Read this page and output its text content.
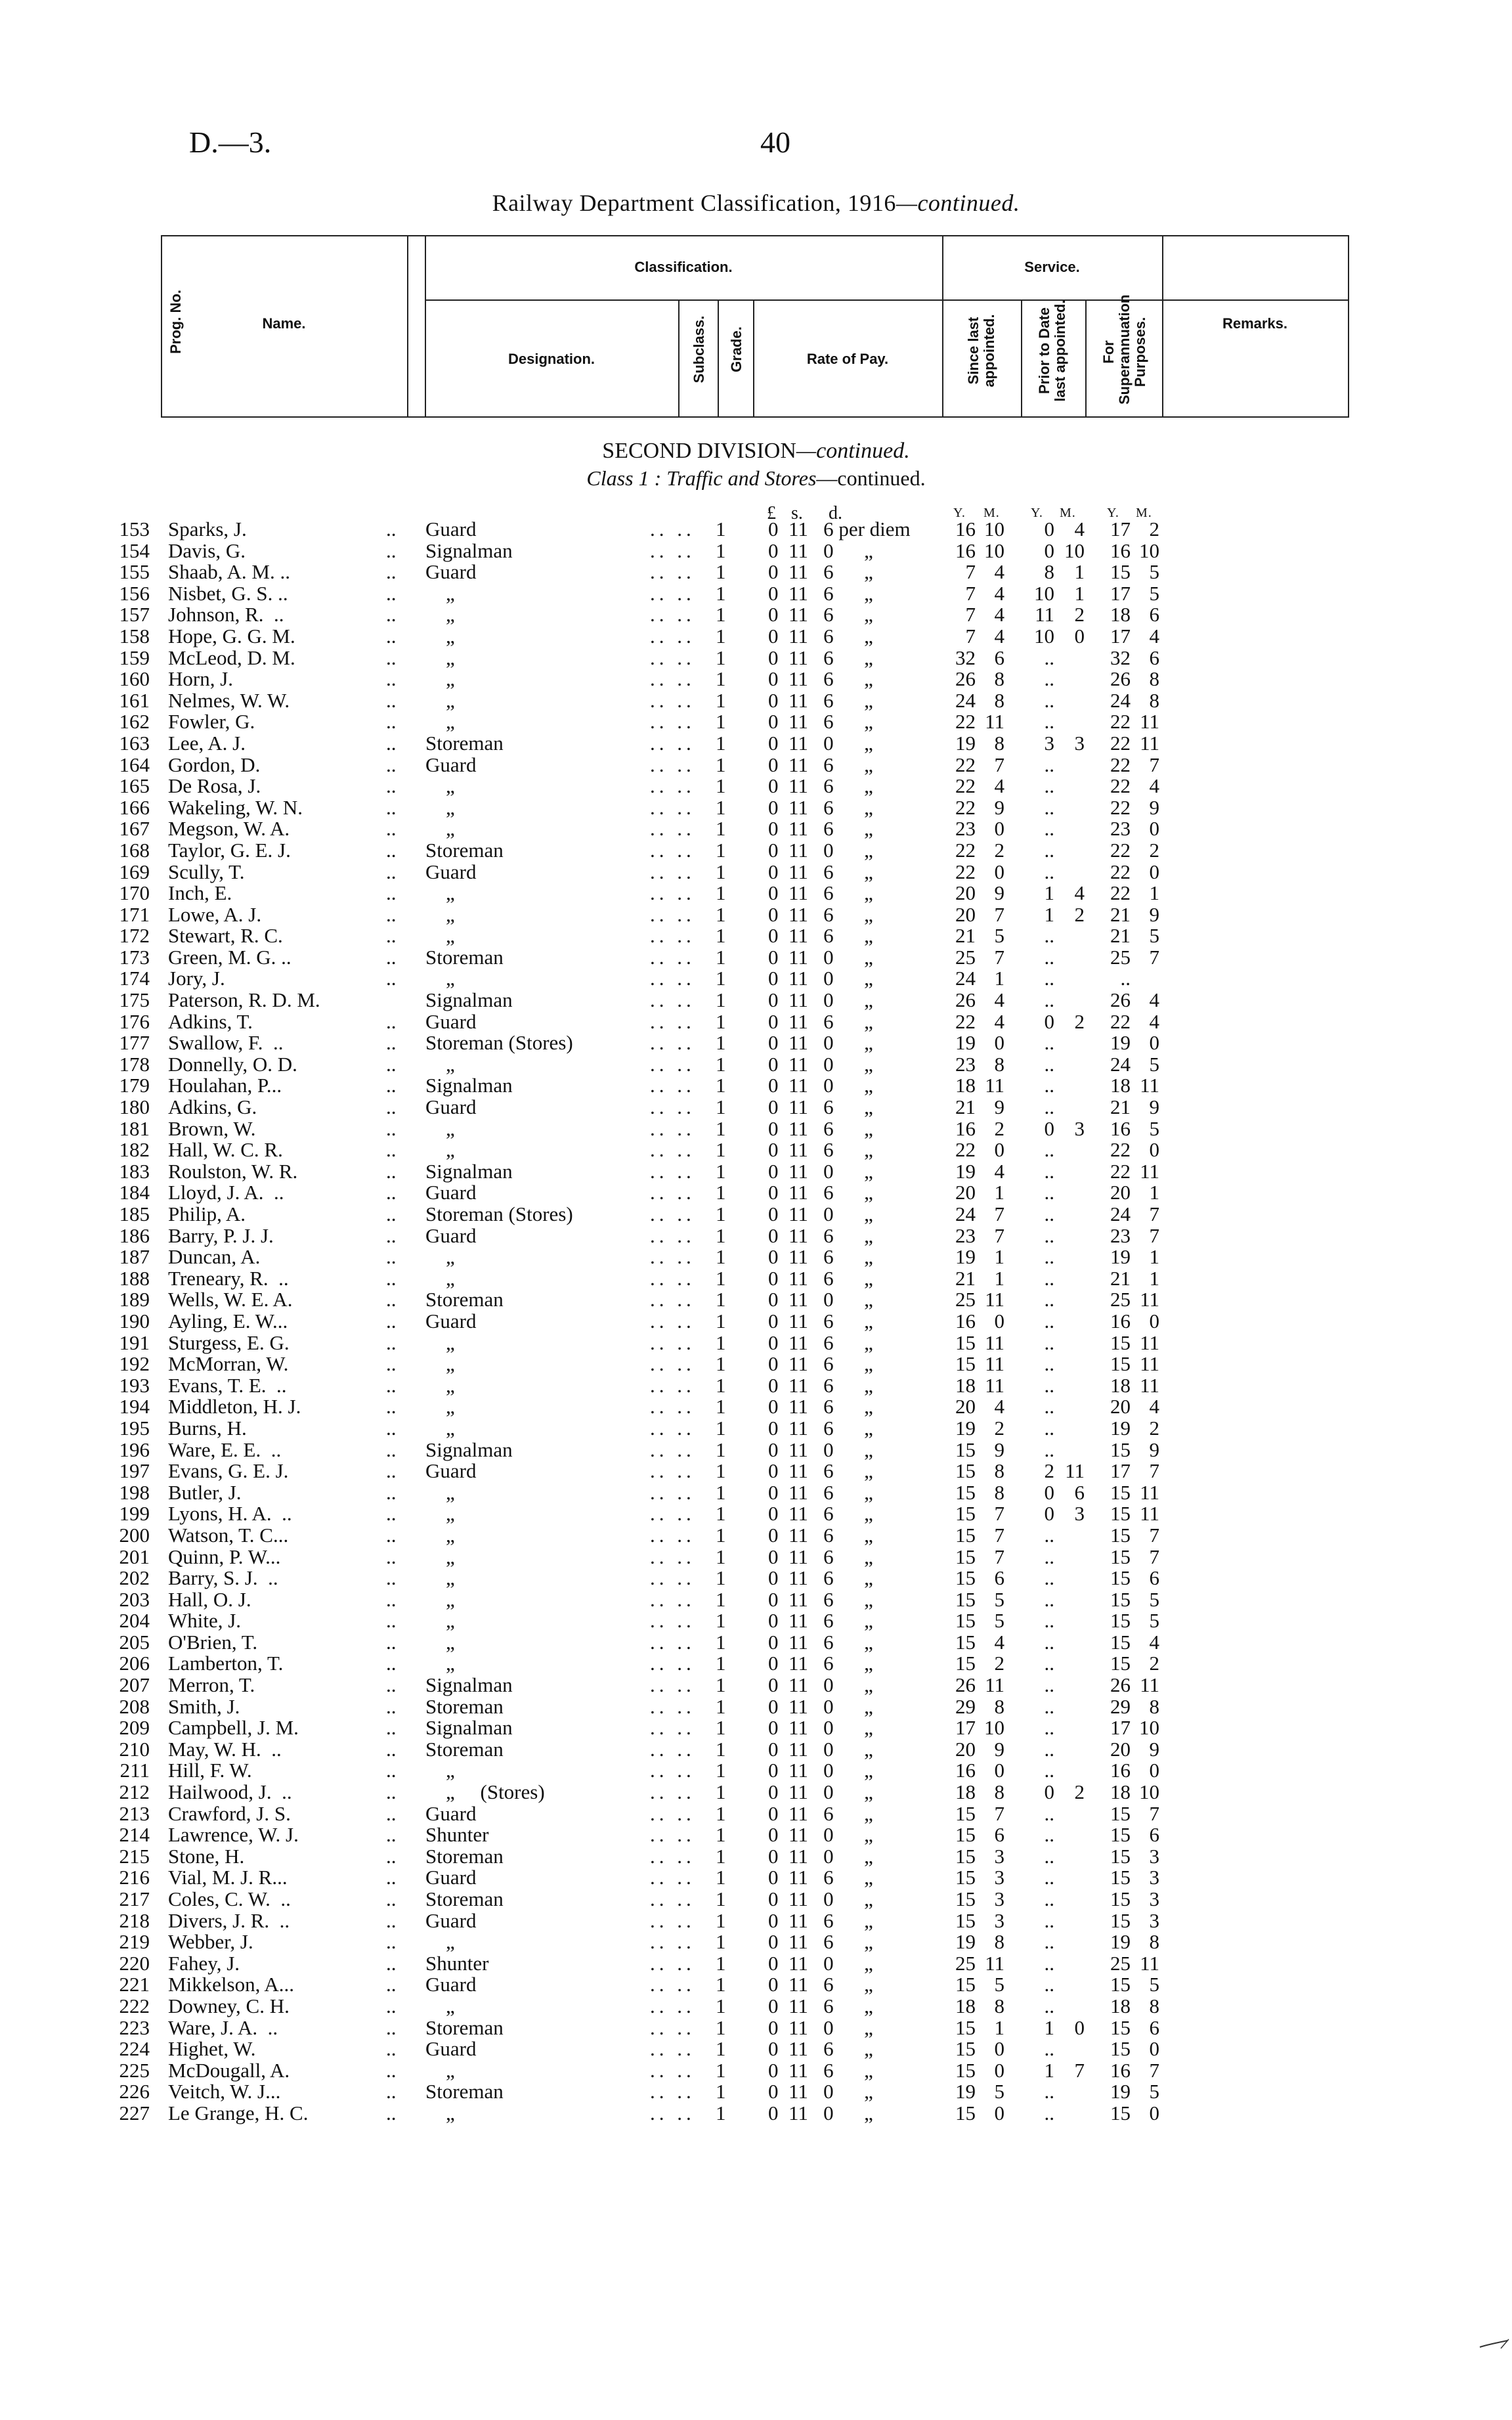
D.—3.	40
Railway Department Classification, 1916—continued.
Prog. No.	Name.
Classification.
Designation.	Subclass. Grade.	Rate of Pay.
Service.
Since last appointed.	Prior to Date last appointed. For Superannuation Purposes.	Remarks.
SECOND DIVISION—continued.
Class 1 : Traffic and Stores—continued.
£ s. d.	Y. M. Y. M. Y. M.
153 Sparks, J.	.. Guard	.. .. 1 0  11   6 per diem	16 10	0 4	17 2
154 Davis, G.	.. Signalman	.. .. 1 0  11   0      „	16 10	0 10	16 10
155 Shaab, A. M. ..	.. Guard	.. .. 1 0  11   6      „	7 4	8 1	15 5
156 Nisbet, G. S. ..	.. „	.. .. 1 0  11   6      „	7 4	10 1	17 5
157 Johnson, R.  ..	.. „	.. .. 1 0  11   6      „	7 4	11 2	18 6
158 Hope, G. G. M.	.. „	.. .. 1 0  11   6      „	7 4	10 0	17 4
159 McLeod, D. M.	.. „	.. .. 1 0  11   6      „	32 6	..	32 6
160 Horn, J.	.. „	.. .. 1 0  11   6      „	26 8	..	26 8
161 Nelmes, W. W.	.. „	.. .. 1 0  11   6      „	24 8	..	24 8
162 Fowler, G.	.. „	.. .. 1 0  11   6      „	22 11	..	22 11
163 Lee, A. J.	.. Storeman	.. .. 1 0  11   0      „	19 8	3 3	22 11
164 Gordon, D.	.. Guard	.. .. 1 0  11   6      „	22 7	..	22 7
165 De Rosa, J.	.. „	.. .. 1 0  11   6      „	22 4	..	22 4
166 Wakeling, W. N.	.. „	.. .. 1 0  11   6      „	22 9	..	22 9
167 Megson, W. A.	.. „	.. .. 1 0  11   6      „	23 0	..	23 0
168 Taylor, G. E. J.	.. Storeman	.. .. 1 0  11   0      „	22 2	..	22 2
169 Scully, T.	.. Guard	.. .. 1 0  11   6      „	22 0	..	22 0
170 Inch, E.	.. „	.. .. 1 0  11   6      „	20 9	1 4	22 1
171 Lowe, A. J.	.. „	.. .. 1 0  11   6      „	20 7	1 2	21 9
172 Stewart, R. C.	.. „	.. .. 1 0  11   6      „	21 5	..	21 5
173 Green, M. G. ..	.. Storeman	.. .. 1 0  11   0      „	25 7	..	25 7
174 Jory, J.	.. „	.. .. 1 0  11   0      „	24 1	..	..
175 Paterson, R. D. M.	Signalman	.. .. 1 0  11   0      „	26 4	..	26 4
176 Adkins, T.	.. Guard	.. .. 1 0  11   6      „	22 4	0 2	22 4
177 Swallow, F.  ..	.. Storeman (Stores)	.. .. 1 0  11   0      „	19 0	..	19 0
178 Donnelly, O. D.	.. „	.. .. 1 0  11   0      „	23 8	..	24 5
179 Houlahan, P...	.. Signalman	.. .. 1 0  11   0      „	18 11	..	18 11
180 Adkins, G.	.. Guard	.. .. 1 0  11   6      „	21 9	..	21 9
181 Brown, W.	.. „	.. .. 1 0  11   6      „	16 2	0 3	16 5
182 Hall, W. C. R.	.. „	.. .. 1 0  11   6      „	22 0	..	22 0
183 Roulston, W. R.	.. Signalman	.. .. 1 0  11   0      „	19 4	..	22 11
184 Lloyd, J. A.  ..	.. Guard	.. .. 1 0  11   6      „	20 1	..	20 1
185 Philip, A.	.. Storeman (Stores)	.. .. 1 0  11   0      „	24 7	..	24 7
186 Barry, P. J. J.	.. Guard	.. .. 1 0  11   6      „	23 7	..	23 7
187 Duncan, A.	.. „	.. .. 1 0  11   6      „	19 1	..	19 1
188 Treneary, R.  ..	.. „	.. .. 1 0  11   6      „	21 1	..	21 1
189 Wells, W. E. A.	.. Storeman	.. .. 1 0  11   0      „	25 11	..	25 11
190 Ayling, E. W...	.. Guard	.. .. 1 0  11   6      „	16 0	..	16 0
191 Sturgess, E. G.	.. „	.. .. 1 0  11   6      „	15 11	..	15 11
192 McMorran, W.	.. „	.. .. 1 0  11   6      „	15 11	..	15 11
193 Evans, T. E.  ..	.. „	.. .. 1 0  11   6      „	18 11	..	18 11
194 Middleton, H. J.	.. „	.. .. 1 0  11   6      „	20 4	..	20 4
195 Burns, H.	.. „	.. .. 1 0  11   6      „	19 2	..	19 2
196 Ware, E. E.  ..	.. Signalman	.. .. 1 0  11   0      „	15 9	..	15 9
197 Evans, G. E. J.	.. Guard	.. .. 1 0  11   6      „	15 8	2 11	17 7
198 Butler, J.	.. „	.. .. 1 0  11   6      „	15 8	0 6	15 11
199 Lyons, H. A.  ..	.. „	.. .. 1 0  11   6      „	15 7	0 3	15 11
200 Watson, T. C...	.. „	.. .. 1 0  11   6      „	15 7	..	15 7
201 Quinn, P. W...	.. „	.. .. 1 0  11   6      „	15 7	..	15 7
202 Barry, S. J.  ..	.. „	.. .. 1 0  11   6      „	15 6	..	15 6
203 Hall, O. J.	.. „	.. .. 1 0  11   6      „	15 5	..	15 5
204 White, J.	.. „	.. .. 1 0  11   6      „	15 5	..	15 5
205 O'Brien, T.	.. „	.. .. 1 0  11   6      „	15 4	..	15 4
206 Lamberton, T.	.. „	.. .. 1 0  11   6      „	15 2	..	15 2
207 Merron, T.	.. Signalman	.. .. 1 0  11   0      „	26 11	..	26 11
208 Smith, J.	.. Storeman	.. .. 1 0  11   0      „	29 8	..	29 8
209 Campbell, J. M.	.. Signalman	.. .. 1 0  11   0      „	17 10	..	17 10
210 May, W. H.  ..	.. Storeman	.. .. 1 0  11   0      „	20 9	..	20 9
211 Hill, F. W.	.. „	.. .. 1 0  11   0      „	16 0	..	16 0
212 Hailwood, J.  ..	.. „     (Stores)	.. .. 1 0  11   0      „	18 8	0 2	18 10
213 Crawford, J. S.	.. Guard	.. .. 1 0  11   6      „	15 7	..	15 7
214 Lawrence, W. J.	.. Shunter	.. .. 1 0  11   0      „	15 6	..	15 6
215 Stone, H.	.. Storeman	.. .. 1 0  11   0      „	15 3	..	15 3
216 Vial, M. J. R...	.. Guard	.. .. 1 0  11   6      „	15 3	..	15 3
217 Coles, C. W.  ..	.. Storeman	.. .. 1 0  11   0      „	15 3	..	15 3
218 Divers, J. R.  ..	.. Guard	.. .. 1 0  11   6      „	15 3	..	15 3
219 Webber, J.	.. „	.. .. 1 0  11   6      „	19 8	..	19 8
220 Fahey, J.	.. Shunter	.. .. 1 0  11   0      „	25 11	..	25 11
221 Mikkelson, A...	.. Guard	.. .. 1 0  11   6      „	15 5	..	15 5
222 Downey, C. H.	.. „	.. .. 1 0  11   6      „	18 8	..	18 8
223 Ware, J. A.  ..	.. Storeman	.. .. 1 0  11   0      „	15 1	1 0	15 6
224 Highet, W.	.. Guard	.. .. 1 0  11   6      „	15 0	..	15 0
225 McDougall, A.	.. „	.. .. 1 0  11   6      „	15 0	1 7	16 7
226 Veitch, W. J...	.. Storeman	.. .. 1 0  11   0      „	19 5	..	19 5
227 Le Grange, H. C.	.. „	.. .. 1 0  11   0      „	15 0	..	15 0
